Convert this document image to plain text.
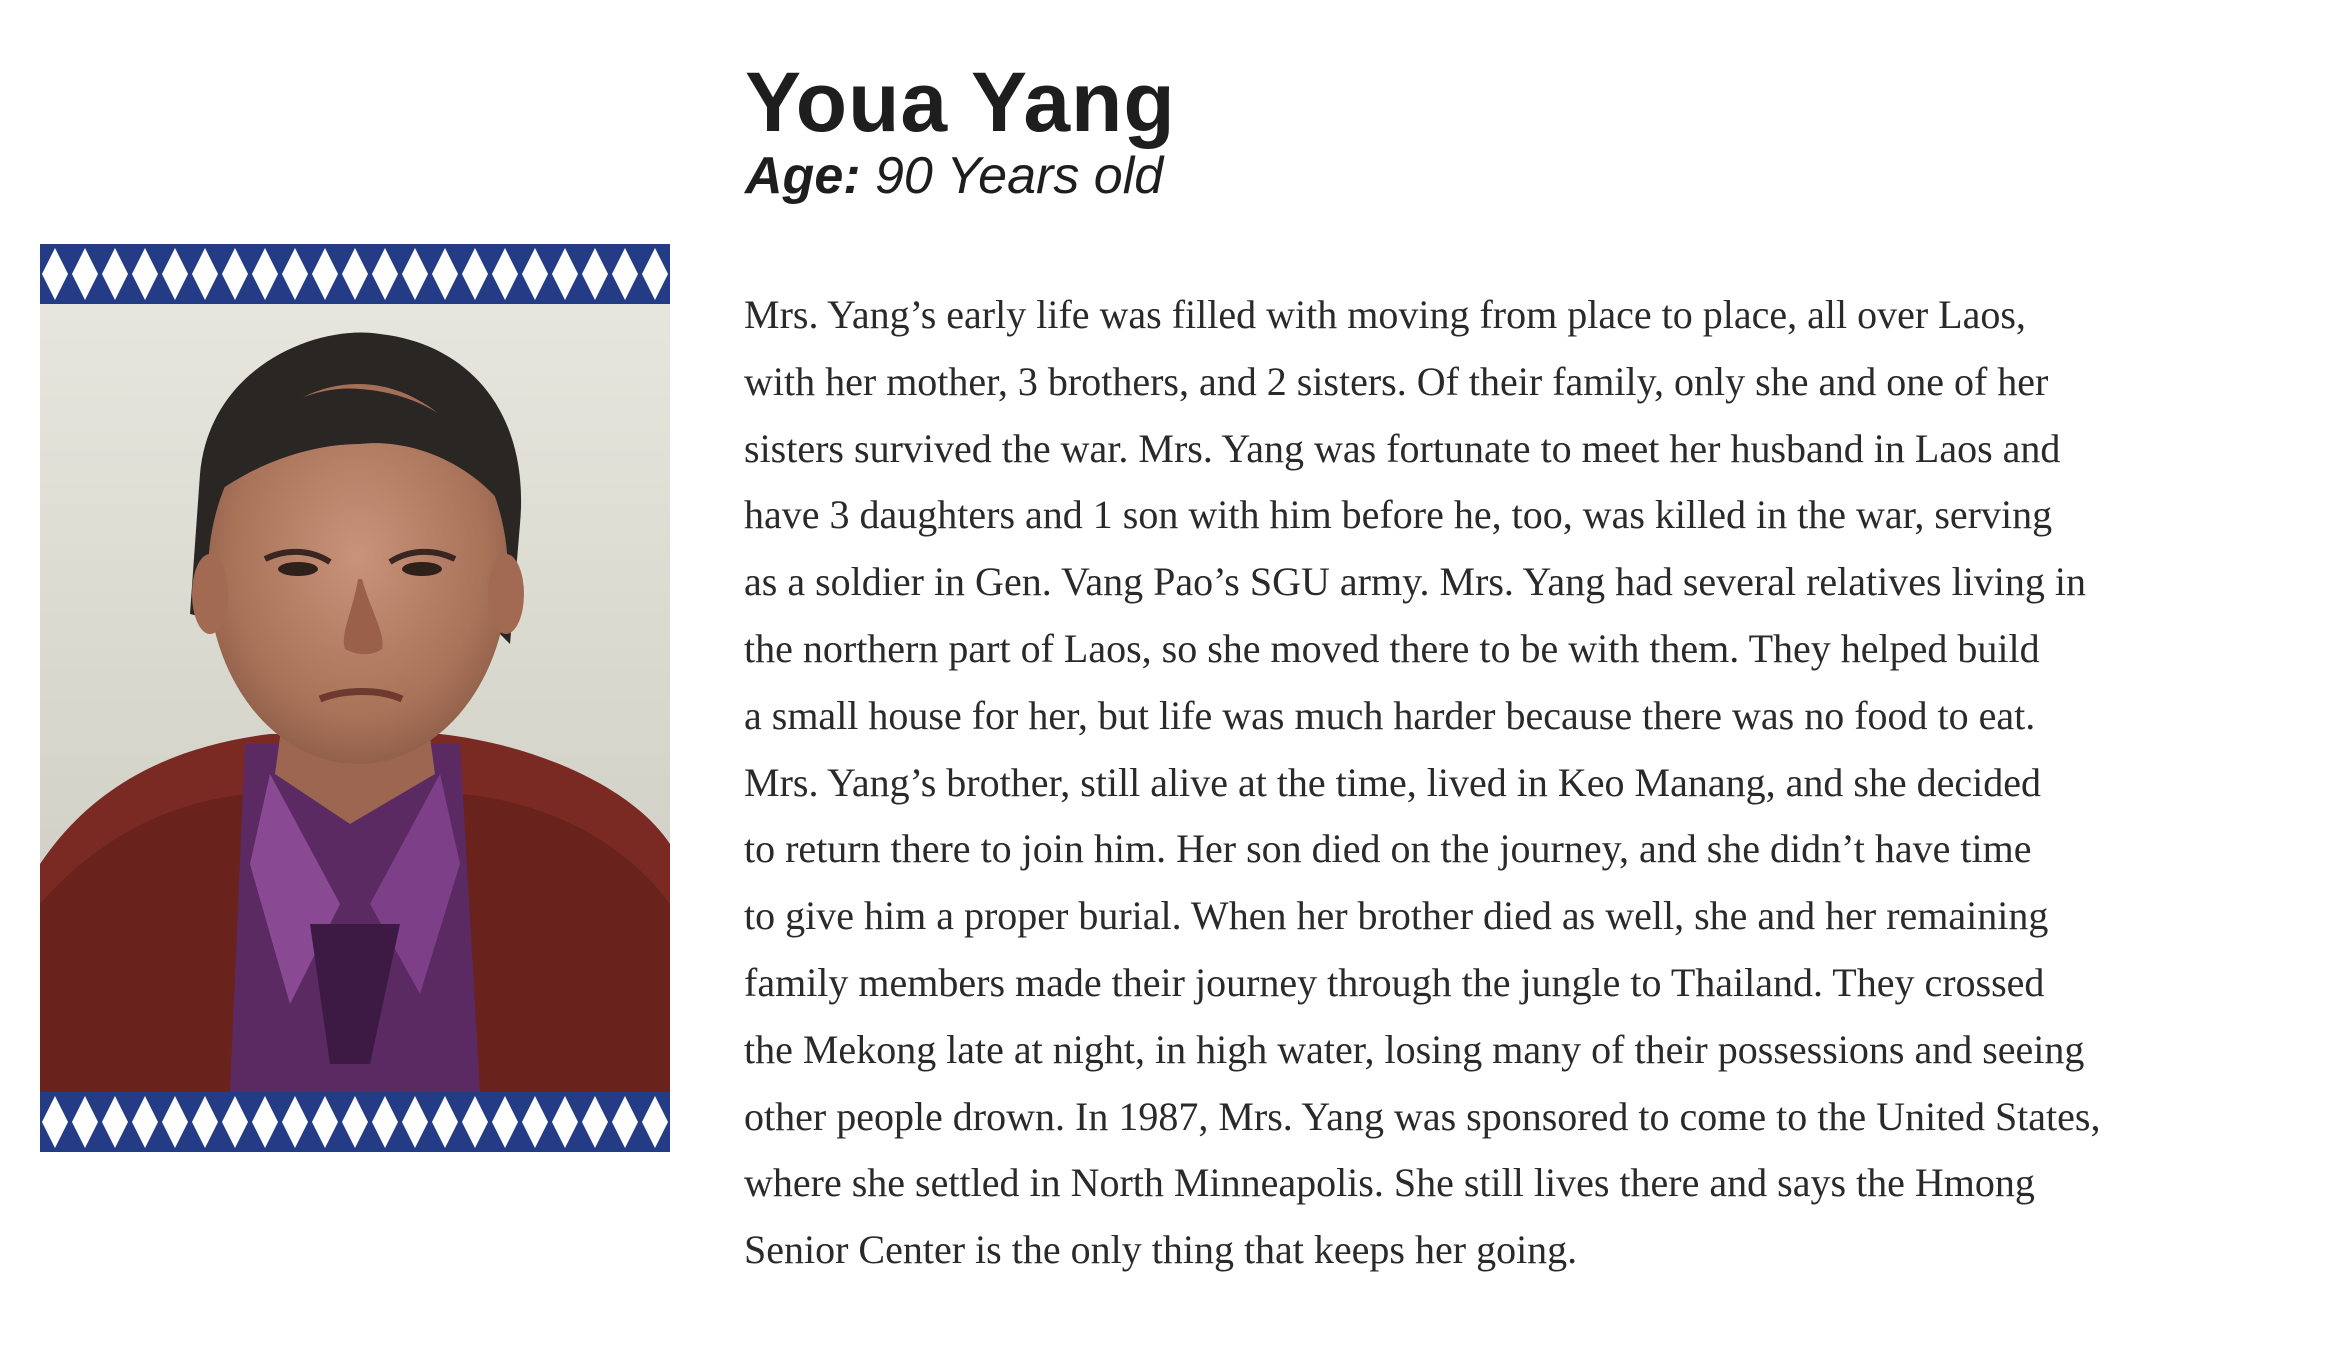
Youa Yang
Age: 90 Years old

Mrs. Yang’s early life was filled with moving from place to place, all over Laos,
with her mother, 3 brothers, and 2 sisters. Of their family, only she and one of her
sisters survived the war. Mrs. Yang was fortunate to meet her husband in Laos and
have 3 daughters and 1 son with him before he, too, was killed in the war, serving
as a soldier in Gen. Vang Pao’s SGU army. Mrs. Yang had several relatives living in
the northern part of Laos, so she moved there to be with them. They helped build
a small house for her, but life was much harder because there was no food to eat.
Mrs. Yang’s brother, still alive at the time, lived in Keo Manang, and she decided
to return there to join him. Her son died on the journey, and she didn’t have time
to give him a proper burial. When her brother died as well, she and her remaining
family members made their journey through the jungle to Thailand. They crossed
the Mekong late at night, in high water, losing many of their possessions and seeing
other people drown. In 1987, Mrs. Yang was sponsored to come to the United States,
where she settled in North Minneapolis. She still lives there and says the Hmong
Senior Center is the only thing that keeps her going.
